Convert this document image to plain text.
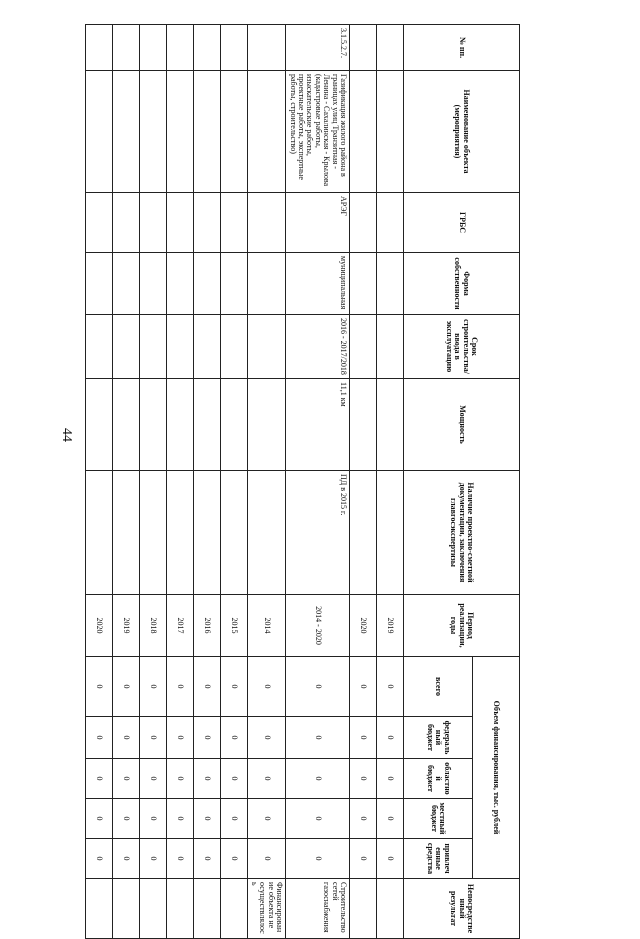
44
№ пп.	Наименование объекта (мероприятия)	ГРБС	Форма собственности	Срок строительства/ввода в эксплуатацию	Мощность	Наличие проектно-сметной документации, заключения главгосэкспертизы	Период реализации, годы	Объем финансирования, тыс. рублей					Непосредственный результат
								всего	федеральный бюджет	областной бюджет	местный бюджет	привлеченные средства	
							2019	0	0	0	0	0	
							2020	0	0	0	0	0	
3.1.5.2.7.	Газификация жилого района в границах улиц Транзитная - Ленина - Сахалинская - Крылова (кадастровые работы, изыскательские работы, проектные работы, экспертные работы, строительство)	АРЭГ	муниципальная	2016 - 2017/2018	11,1 км	ПД в 2015 г.	2014 - 2020	0	0	0	0	0	Строительство сетей газоснабжения
							2014	0	0	0	0	0	Финансирование объекта не осуществлялось
							2015	0	0	0	0	0	
							2016	0	0	0	0	0	
							2017	0	0	0	0	0	
							2018	0	0	0	0	0	
							2019	0	0	0	0	0	
							2020	0	0	0	0	0	
